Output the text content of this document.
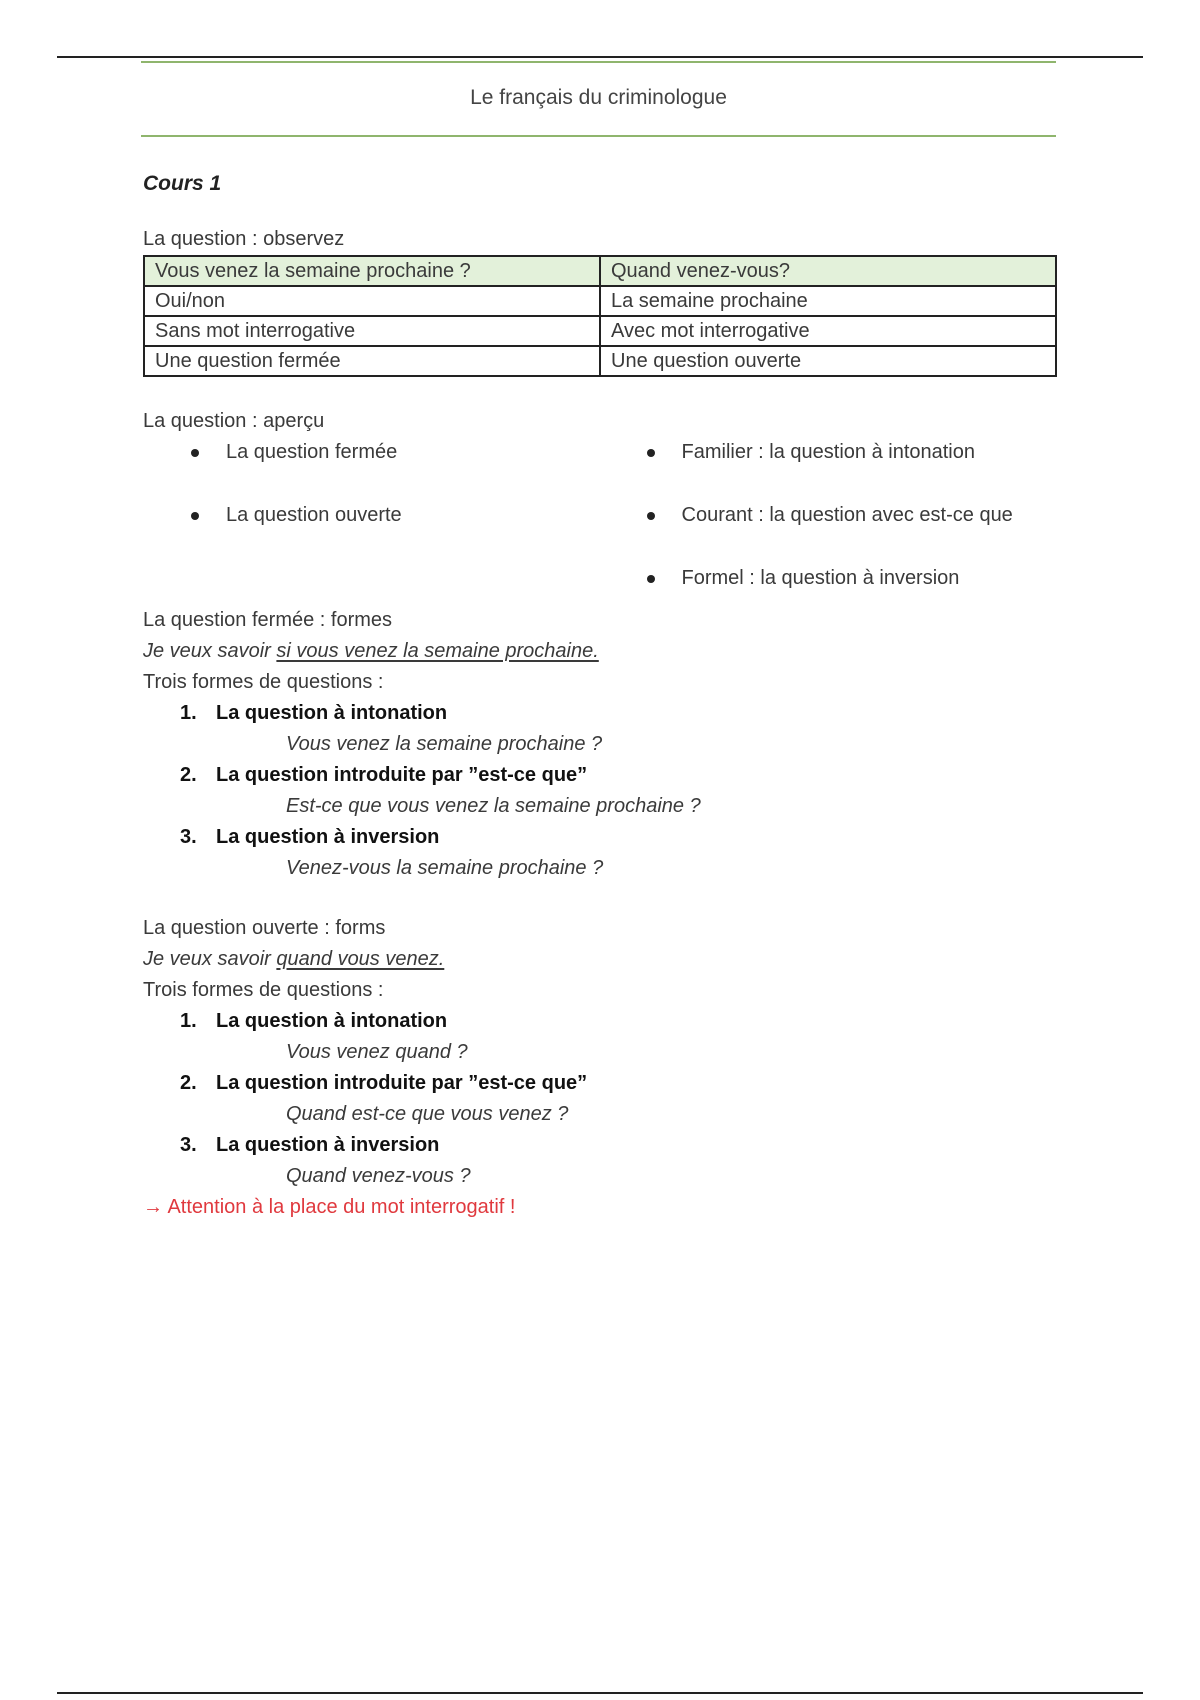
Le français du criminologue

Cours 1

La question : observez

Vous venez la semaine prochaine ?	Quand venez-vous?
Oui/non	La semaine prochaine
Sans mot interrogative	Avec mot interrogative
Une question fermée	Une question ouverte

La question : aperçu

La question fermée
La question ouverte
Familier : la question à intonation
Courant : la question avec est-ce que
Formel : la question à inversion

La question fermée : formes

Je veux savoir si vous venez la semaine prochaine.

Trois formes de questions :

1. La question à intonation
Vous venez la semaine prochaine ?
2. La question introduite par ”est-ce que”
Est-ce que vous venez la semaine prochaine ?
3. La question à inversion
Venez-vous la semaine prochaine ?

La question ouverte : forms

Je veux savoir quand vous venez.

Trois formes de questions :

1. La question à intonation
Vous venez quand ?
2. La question introduite par ”est-ce que”
Quand est-ce que vous venez ?
3. La question à inversion
Quand venez-vous ?

→ Attention à la place du mot interrogatif !
